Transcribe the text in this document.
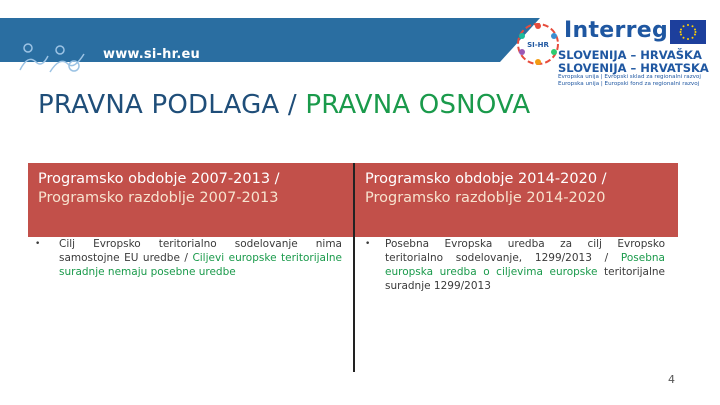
www.si-hr.eu
SI-HR
Interreg
SLOVENIJA – HRVAŠKA
SLOVENIJA – HRVATSKA
Evropska unija | Evropski sklad za regionalni razvoj
Europska unija | Europski fond za regionalni razvoj
PRAVNA PODLAGA / PRAVNA OSNOVA
Programsko obdobje 2007-2013 /
Programsko razdoblje 2007-2013
Programsko obdobje 2014-2020 /
Programsko razdoblje 2014-2020
• Cilj Evropsko teritorialno sodelovanje nima samostojne EU uredbe / Ciljevi europske teritorijalne suradnje nemaju posebne uredbe
• Posebna Evropska uredba za cilj Evropsko teritorialno sodelovanje, 1299/2013 / Posebna europska uredba o ciljevima europske teritorijalne suradnje 1299/2013
4
